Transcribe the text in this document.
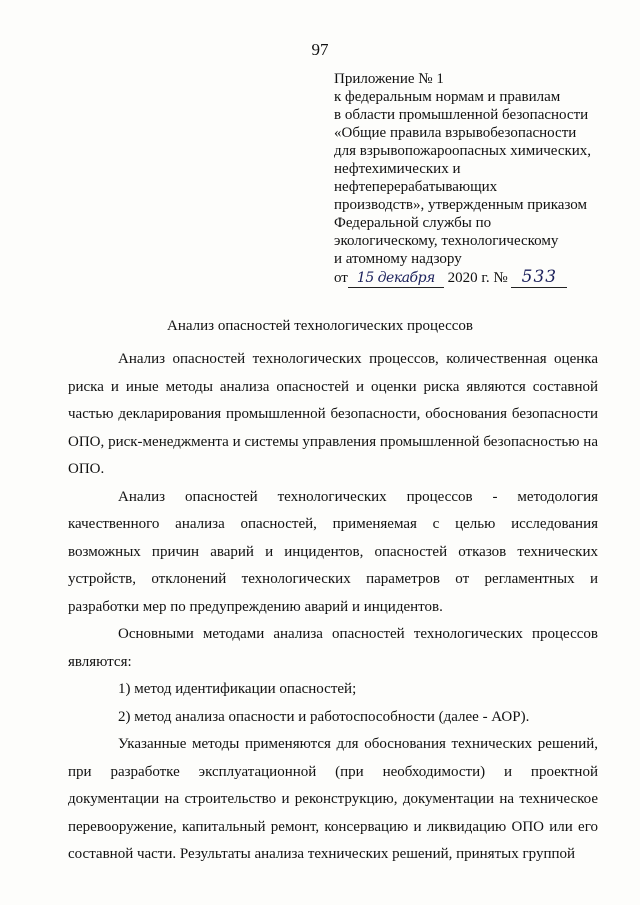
97
Приложение № 1
к федеральным нормам и правилам
в области промышленной безопасности
«Общие правила взрывобезопасности
для взрывопожароопасных химических,
нефтехимических и
нефтеперерабатывающих
производств», утвержденным приказом
Федеральной службы по
экологическому, технологическому
и атомному надзору
от 15 декабря 2020 г. № 533
Анализ опасностей технологических процессов

Анализ опасностей технологических процессов, количественная оценка риска и иные методы анализа опасностей и оценки риска являются составной частью декларирования промышленной безопасности, обоснования безопасности ОПО, риск-менеджмента и системы управления промышленной безопасностью на ОПО.

Анализ опасностей технологических процессов - методология качественного анализа опасностей, применяемая с целью исследования возможных причин аварий и инцидентов, опасностей отказов технических устройств, отклонений технологических параметров от регламентных и разработки мер по предупреждению аварий и инцидентов.

Основными методами анализа опасностей технологических процессов являются:

1) метод идентификации опасностей;

2) метод анализа опасности и работоспособности (далее - АОР).

Указанные методы применяются для обоснования технических решений, при разработке эксплуатационной (при необходимости) и проектной документации на строительство и реконструкцию, документации на техническое перевооружение, капитальный ремонт, консервацию и ликвидацию ОПО или его составной части. Результаты анализа технических решений, принятых группой
